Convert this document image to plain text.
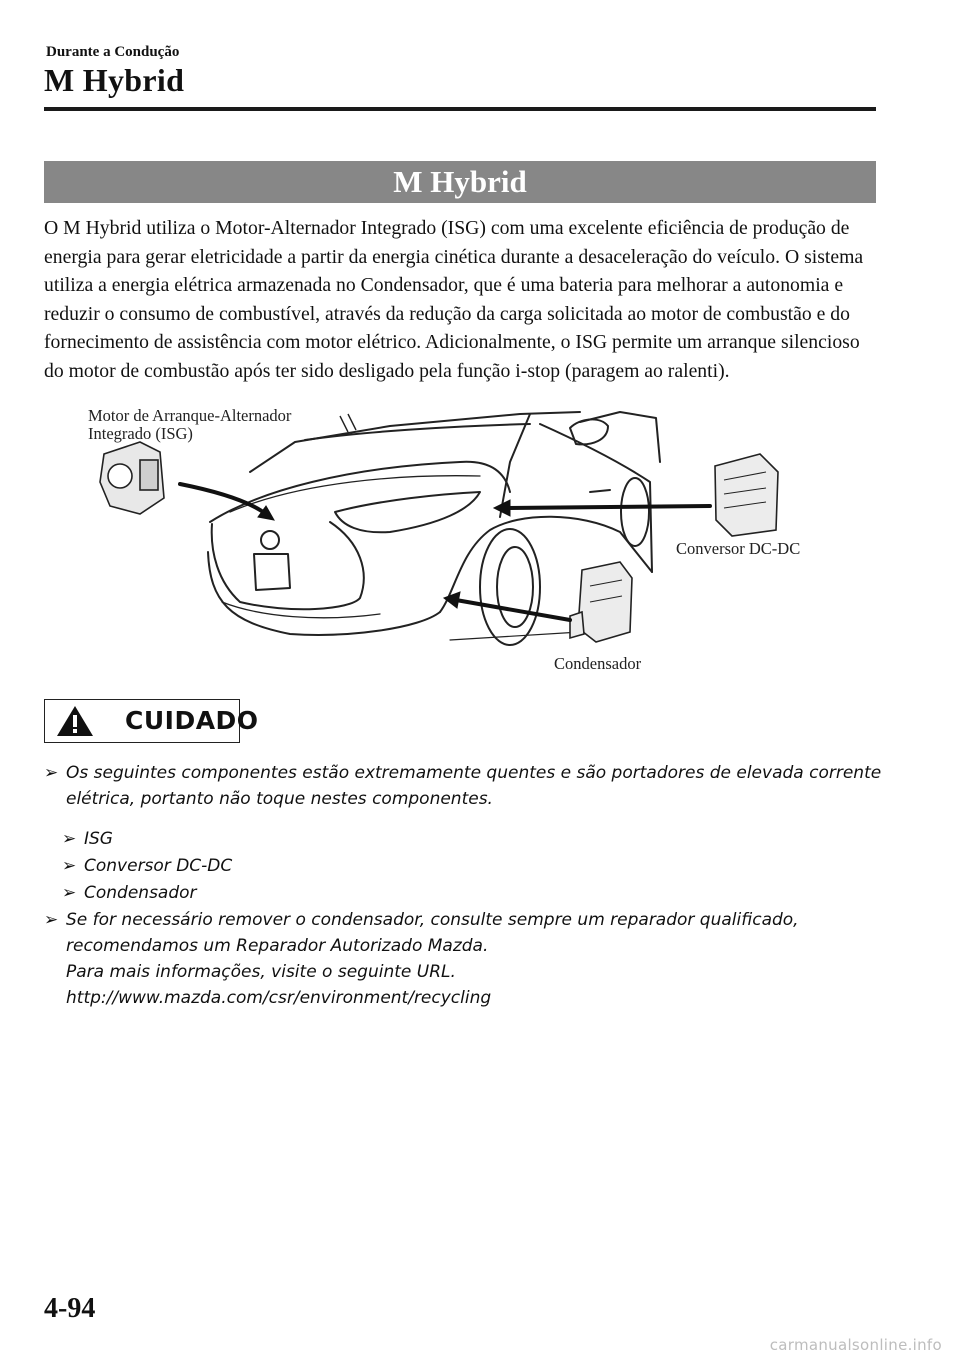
Durante a Condução
M Hybrid
M Hybrid
O M Hybrid utiliza o Motor-Alternador Integrado (ISG) com uma excelente eficiência de produção de energia para gerar eletricidade a partir da energia cinética durante a desaceleração do veículo. O sistema utiliza a energia elétrica armazenada no Condensador, que é uma bateria para melhorar a autonomia e reduzir o consumo de combustível, através da redução da carga solicitada ao motor de combustão e do fornecimento de assistência com motor elétrico. Adicionalmente, o ISG permite um arranque silencioso do motor de combustão após ter sido desligado pela função i-stop (paragem ao ralenti).
Motor de Arranque-Alternador
Integrado (ISG)
Conversor DC-DC
Condensador
CUIDADO
➢ Os seguintes componentes estão extremamente quentes e são portadores de elevada corrente elétrica, portanto não toque nestes componentes.
➢ ISG
➢ Conversor DC-DC
➢ Condensador
➢ Se for necessário remover o condensador, consulte sempre um reparador qualificado, recomendamos um Reparador Autorizado Mazda.
Para mais informações, visite o seguinte URL.
http://www.mazda.com/csr/environment/recycling
4-94
carmanualsonline.info
